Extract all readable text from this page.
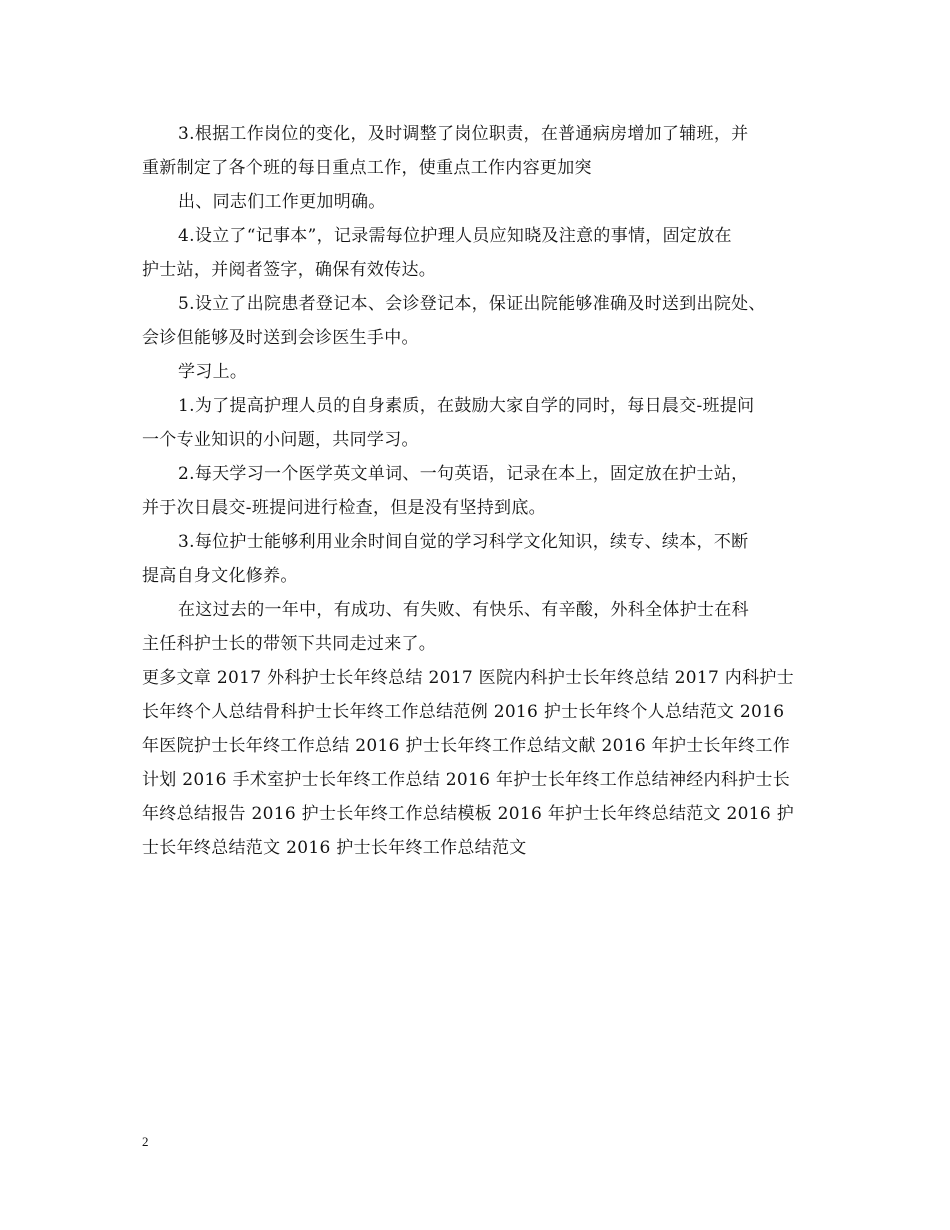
3.根据工作岗位的变化，及时调整了岗位职责，在普通病房增加了辅班，并
重新制定了各个班的每日重点工作，使重点工作内容更加突
出、同志们工作更加明确。
4.设立了“记事本”，记录需每位护理人员应知晓及注意的事情，固定放在
护士站，并阅者签字，确保有效传达。
5.设立了出院患者登记本、会诊登记本，保证出院能够准确及时送到出院处、
会诊但能够及时送到会诊医生手中。
学习上。
1.为了提高护理人员的自身素质，在鼓励大家自学的同时，每日晨交-班提问
一个专业知识的小问题，共同学习。
2.每天学习一个医学英文单词、一句英语，记录在本上，固定放在护士站，
并于次日晨交-班提问进行检查，但是没有坚持到底。
3.每位护士能够利用业余时间自觉的学习科学文化知识，续专、续本，不断
提高自身文化修养。
在这过去的一年中，有成功、有失败、有快乐、有辛酸，外科全体护士在科
主任科护士长的带领下共同走过来了。
更多文章 2017 外科护士长年终总结 2017 医院内科护士长年终总结 2017 内科护士
长年终个人总结骨科护士长年终工作总结范例 2016 护士长年终个人总结范文 2016
年医院护士长年终工作总结 2016 护士长年终工作总结文献 2016 年护士长年终工作
计划 2016 手术室护士长年终工作总结 2016 年护士长年终工作总结神经内科护士长
年终总结报告 2016 护士长年终工作总结模板 2016 年护士长年终总结范文 2016 护
士长年终总结范文 2016 护士长年终工作总结范文
2
